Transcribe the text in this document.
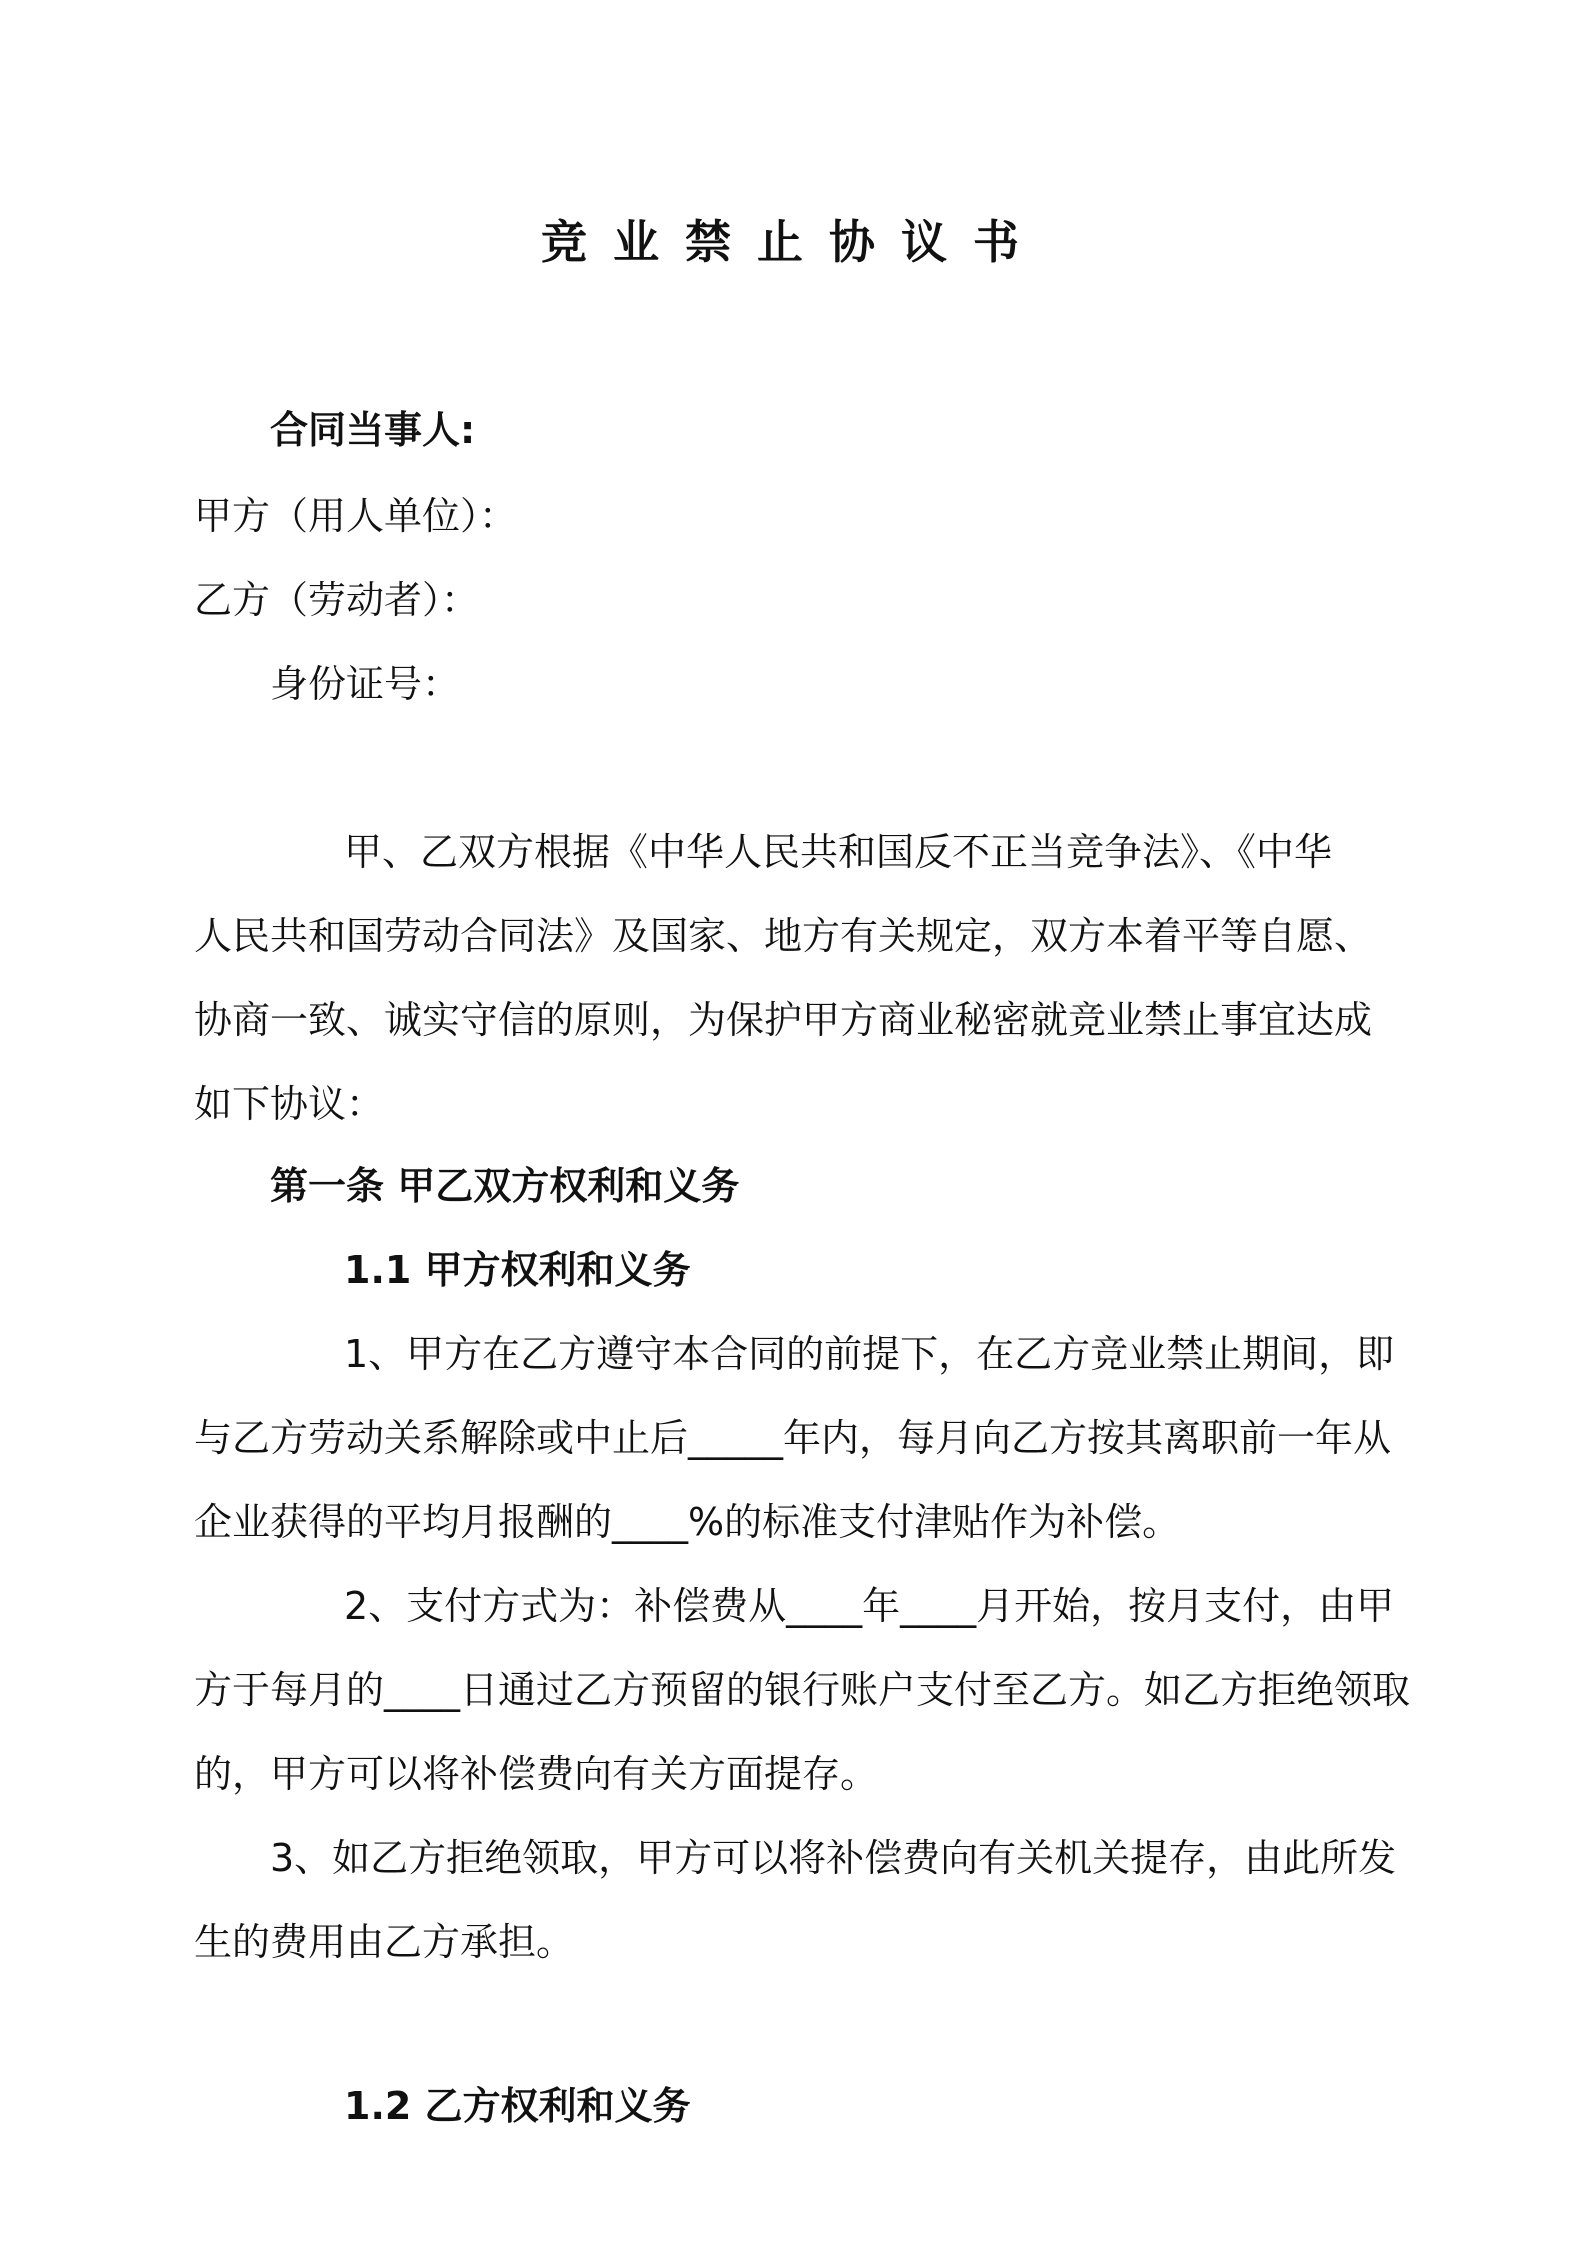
竞业禁止协议书

合同当事人:

甲方（用人单位）：

乙方（劳动者）：

身份证号：

甲、乙双方根据《中华人民共和国反不正当竞争法》、《中华

人民共和国劳动合同法》及国家、地方有关规定，双方本着平等自愿、

协商一致、诚实守信的原则，为保护甲方商业秘密就竞业禁止事宜达成

如下协议：

第一条 甲乙双方权利和义务

1.1 甲方权利和义务

1、甲方在乙方遵守本合同的前提下，在乙方竞业禁止期间，即

与乙方劳动关系解除或中止后_____年内，每月向乙方按其离职前一年从

企业获得的平均月报酬的____%的标准支付津贴作为补偿。

2、支付方式为：补偿费从____年____月开始，按月支付，由甲

方于每月的____日通过乙方预留的银行账户支付至乙方。如乙方拒绝领取

的，甲方可以将补偿费向有关方面提存。

3、如乙方拒绝领取，甲方可以将补偿费向有关机关提存，由此所发

生的费用由乙方承担。

1.2 乙方权利和义务
